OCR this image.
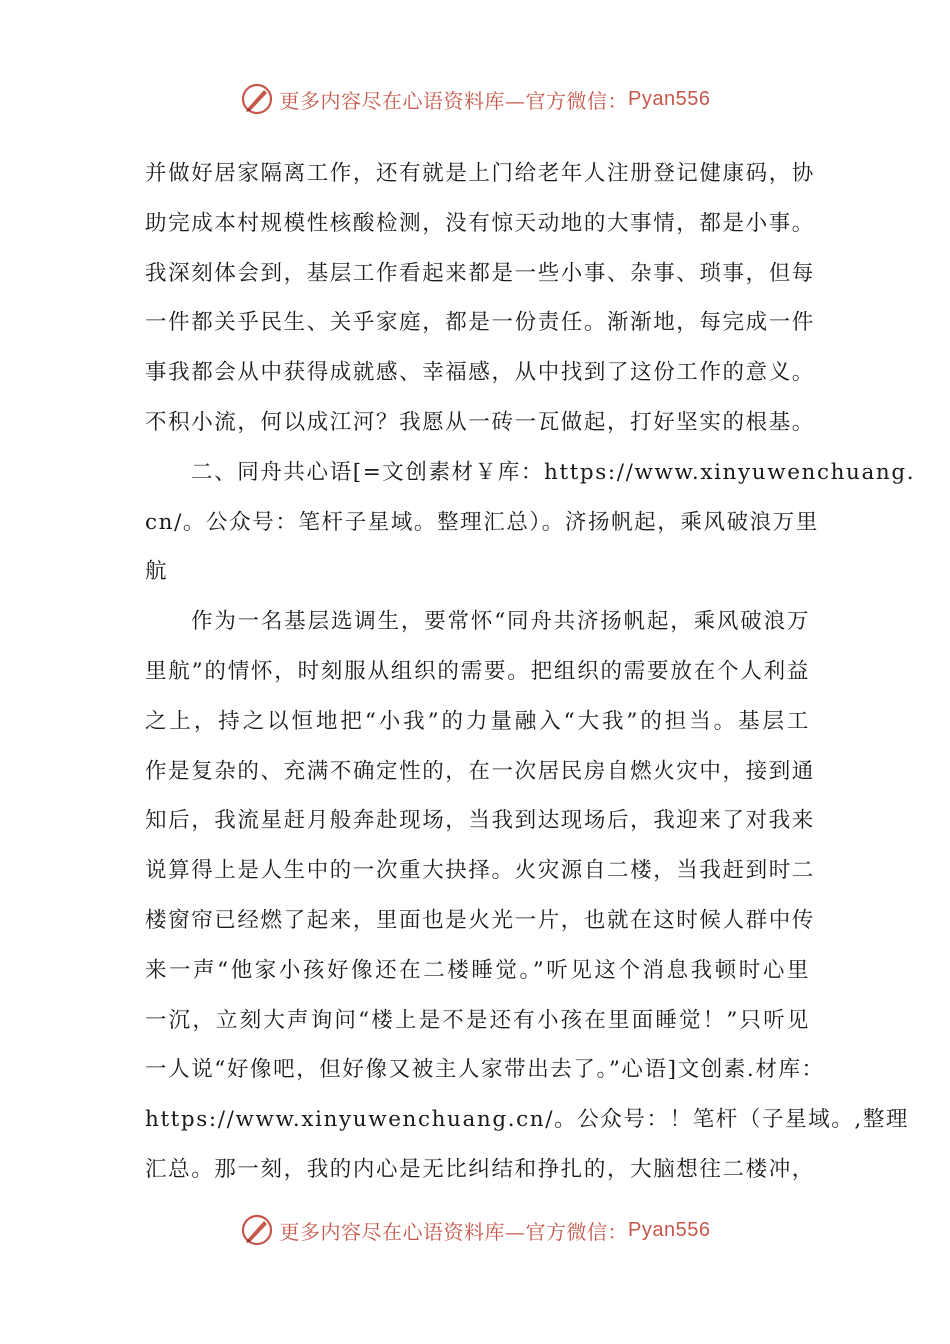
更多内容尽在心语资料库—官方微信： Pyan556
并做好居家隔离工作，还有就是上门给老年人注册登记健康码，协
助完成本村规模性核酸检测，没有惊天动地的大事情，都是小事。
我深刻体会到，基层工作看起来都是一些小事、杂事、琐事，但每
一件都关乎民生、关乎家庭，都是一份责任。渐渐地，每完成一件
事我都会从中获得成就感、幸福感，从中找到了这份工作的意义。
不积小流，何以成江河？我愿从一砖一瓦做起，打好坚实的根基。
二、同舟共心语[=文创素材￥库：https://www.xinyuwenchuang.
cn/。公众号：笔杆子星域。整理汇总）。济扬帆起，乘风破浪万里
航
作为一名基层选调生，要常怀“同舟共济扬帆起，乘风破浪万
里航”的情怀，时刻服从组织的需要。把组织的需要放在个人利益
之上，持之以恒地把“小我”的力量融入“大我”的担当。基层工
作是复杂的、充满不确定性的，在一次居民房自燃火灾中，接到通
知后，我流星赶月般奔赴现场，当我到达现场后，我迎来了对我来
说算得上是人生中的一次重大抉择。火灾源自二楼，当我赶到时二
楼窗帘已经燃了起来，里面也是火光一片，也就在这时候人群中传
来一声“他家小孩好像还在二楼睡觉。”听见这个消息我顿时心里
一沉，立刻大声询问“楼上是不是还有小孩在里面睡觉！”只听见
一人说“好像吧，但好像又被主人家带出去了。”心语]文创素.材库：
https://www.xinyuwenchuang.cn/。公众号：！笔杆（子星域。,整理
汇总。那一刻，我的内心是无比纠结和挣扎的，大脑想往二楼冲，
更多内容尽在心语资料库—官方微信： Pyan556
